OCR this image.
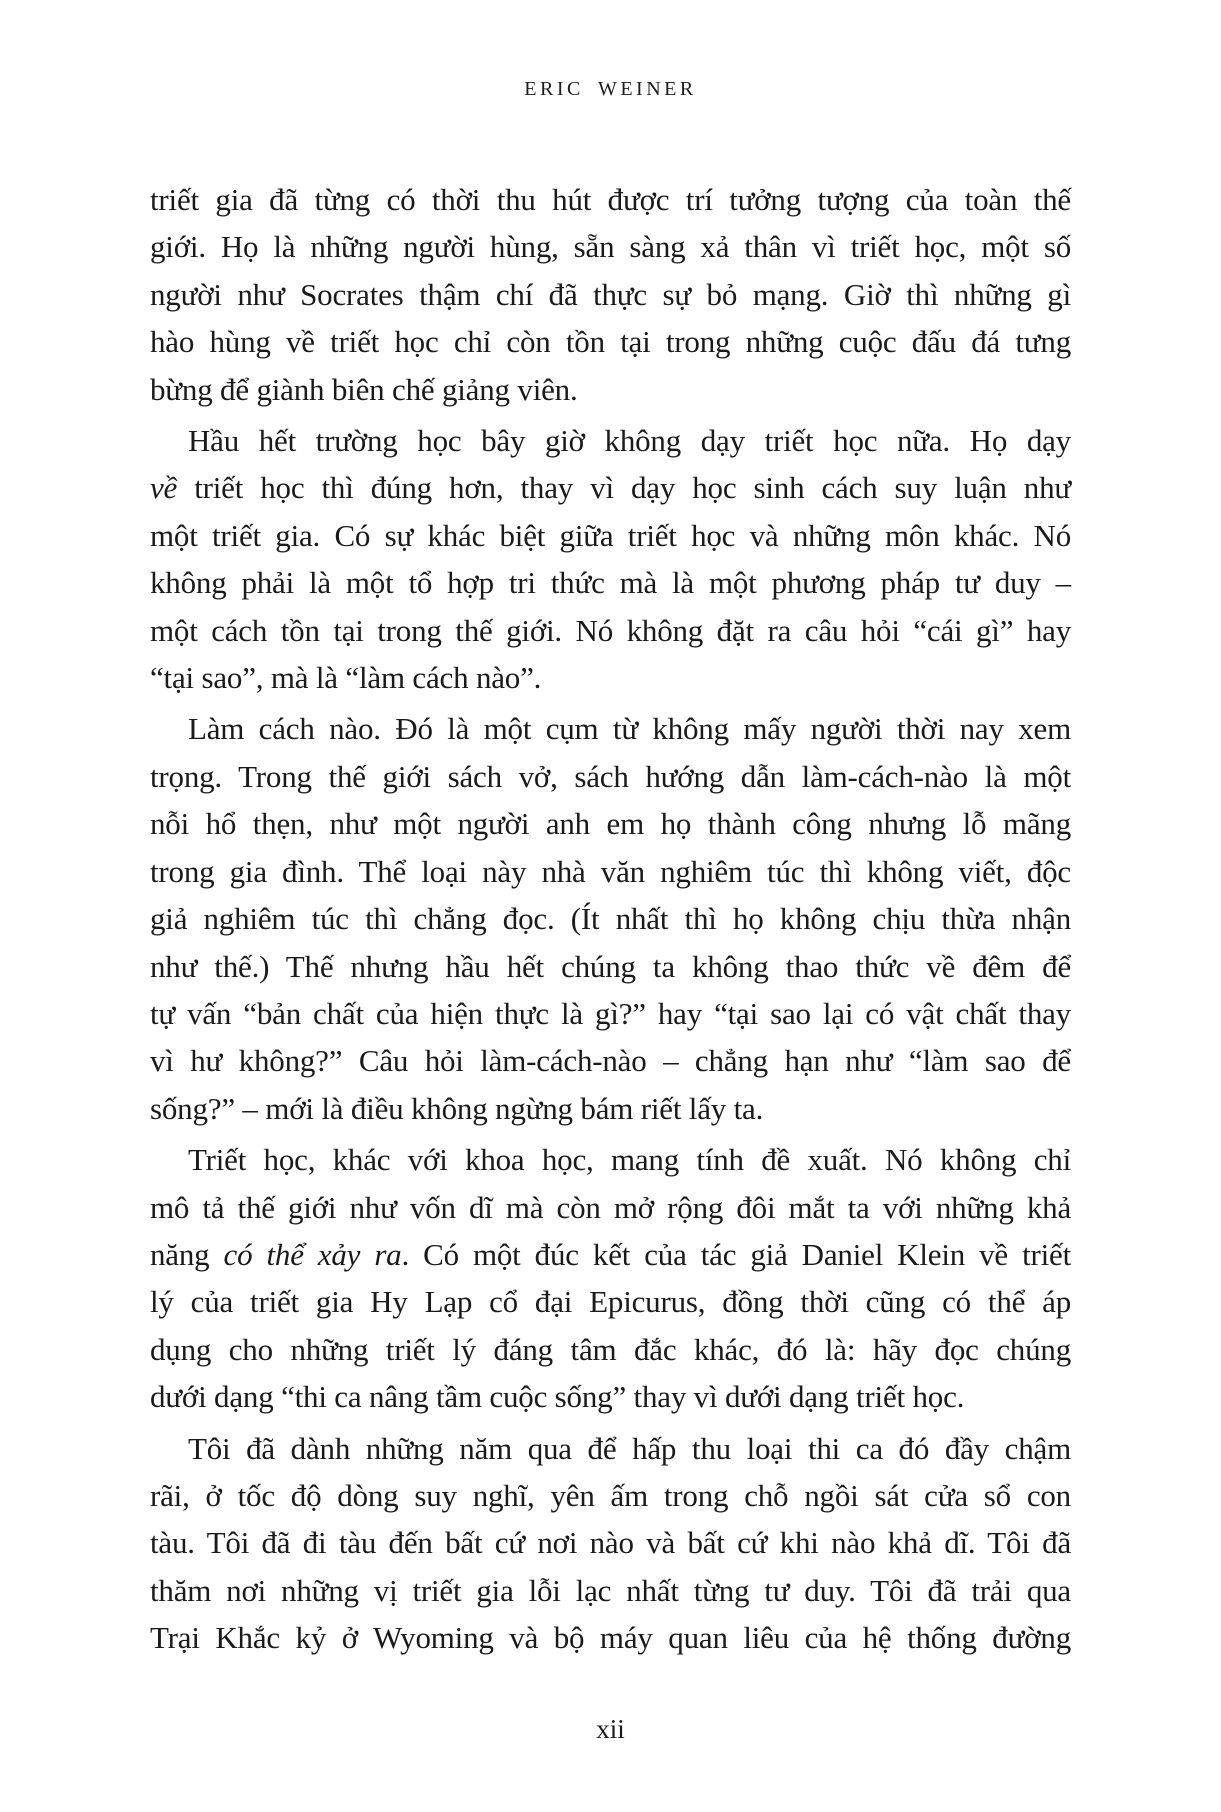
ERIC WEINER
triết gia đã từng có thời thu hút được trí tưởng tượng của toàn thế
giới. Họ là những người hùng, sẵn sàng xả thân vì triết học, một số
người như Socrates thậm chí đã thực sự bỏ mạng. Giờ thì những gì
hào hùng về triết học chỉ còn tồn tại trong những cuộc đấu đá tưng
bừng để giành biên chế giảng viên.
Hầu hết trường học bây giờ không dạy triết học nữa. Họ dạy
về triết học thì đúng hơn, thay vì dạy học sinh cách suy luận như
một triết gia. Có sự khác biệt giữa triết học và những môn khác. Nó
không phải là một tổ hợp tri thức mà là một phương pháp tư duy –
một cách tồn tại trong thế giới. Nó không đặt ra câu hỏi “cái gì” hay
“tại sao”, mà là “làm cách nào”.
Làm cách nào. Đó là một cụm từ không mấy người thời nay xem
trọng. Trong thế giới sách vở, sách hướng dẫn làm-cách-nào là một
nỗi hổ thẹn, như một người anh em họ thành công nhưng lỗ mãng
trong gia đình. Thể loại này nhà văn nghiêm túc thì không viết, độc
giả nghiêm túc thì chẳng đọc. (Ít nhất thì họ không chịu thừa nhận
như thế.) Thế nhưng hầu hết chúng ta không thao thức về đêm để
tự vấn “bản chất của hiện thực là gì?” hay “tại sao lại có vật chất thay
vì hư không?” Câu hỏi làm-cách-nào – chẳng hạn như “làm sao để
sống?” – mới là điều không ngừng bám riết lấy ta.
Triết học, khác với khoa học, mang tính đề xuất. Nó không chỉ
mô tả thế giới như vốn dĩ mà còn mở rộng đôi mắt ta với những khả
năng có thể xảy ra. Có một đúc kết của tác giả Daniel Klein về triết
lý của triết gia Hy Lạp cổ đại Epicurus, đồng thời cũng có thể áp
dụng cho những triết lý đáng tâm đắc khác, đó là: hãy đọc chúng
dưới dạng “thi ca nâng tầm cuộc sống” thay vì dưới dạng triết học.
Tôi đã dành những năm qua để hấp thu loại thi ca đó đầy chậm
rãi, ở tốc độ dòng suy nghĩ, yên ấm trong chỗ ngồi sát cửa sổ con
tàu. Tôi đã đi tàu đến bất cứ nơi nào và bất cứ khi nào khả dĩ. Tôi đã
thăm nơi những vị triết gia lỗi lạc nhất từng tư duy. Tôi đã trải qua
Trại Khắc kỷ ở Wyoming và bộ máy quan liêu của hệ thống đường
xii
